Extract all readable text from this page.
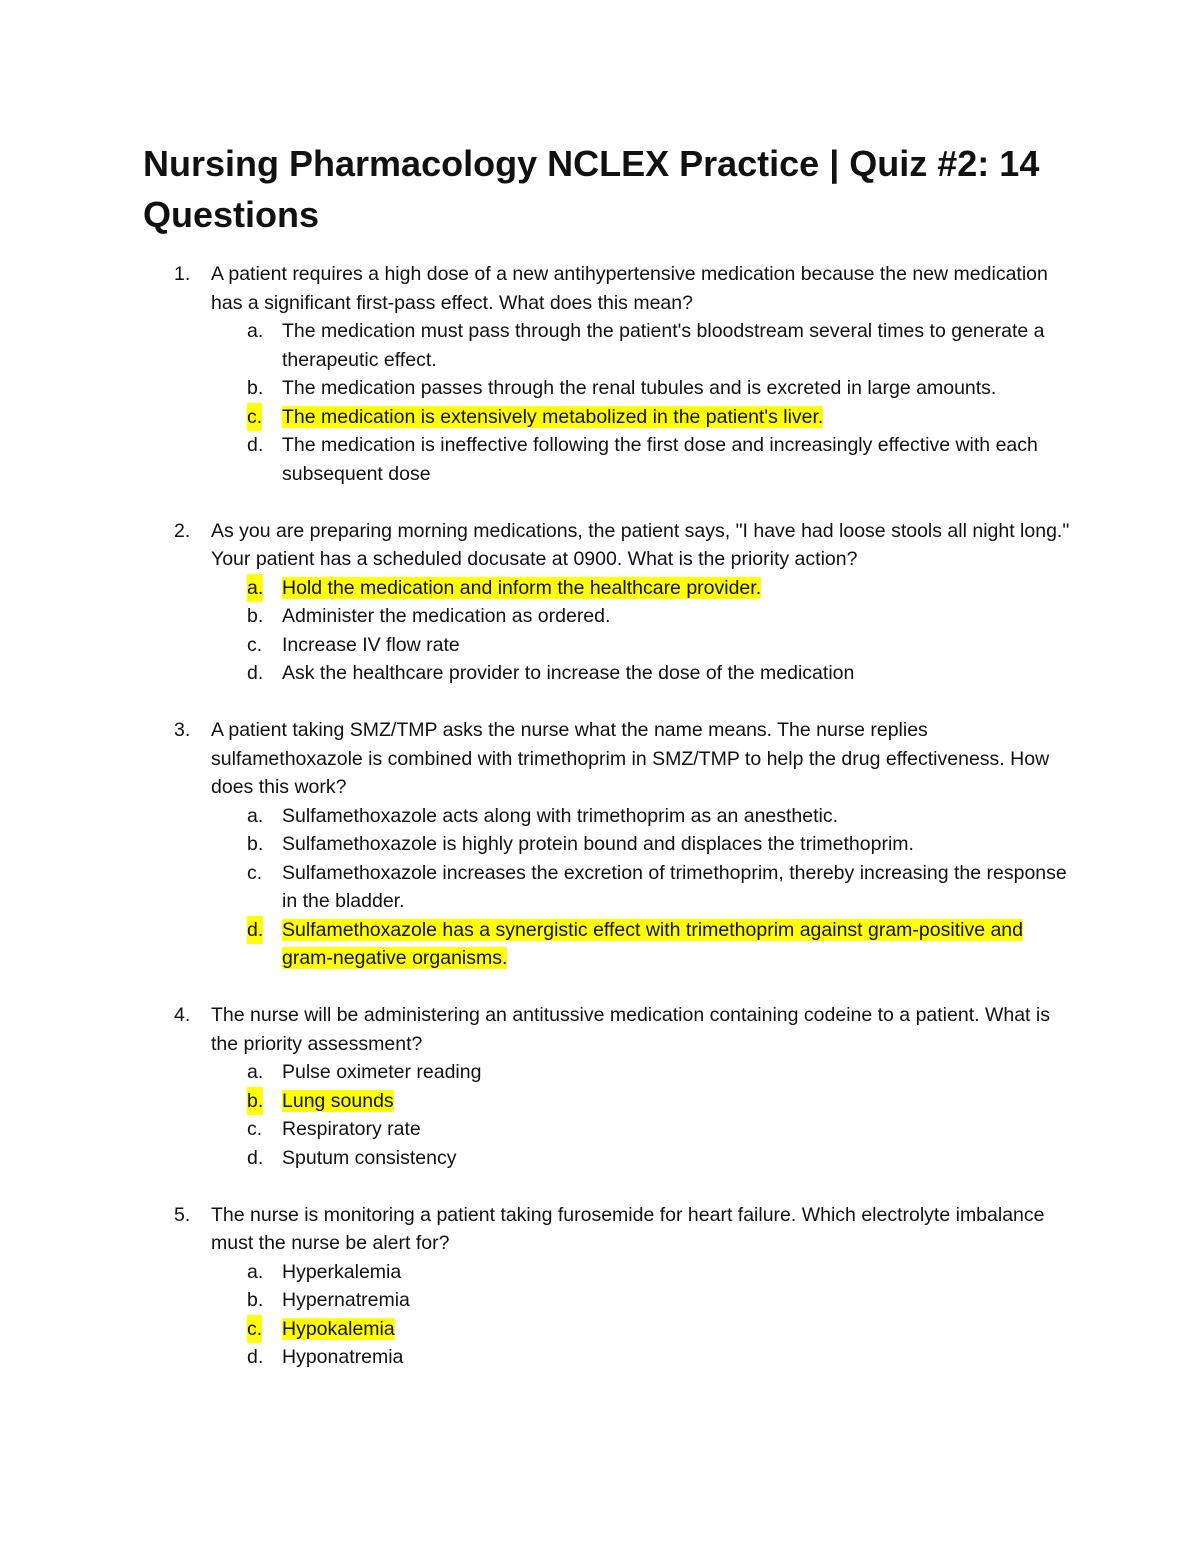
Nursing Pharmacology NCLEX Practice | Quiz #2: 14 Questions
1. A patient requires a high dose of a new antihypertensive medication because the new medication has a significant first-pass effect. What does this mean?
a. The medication must pass through the patient's bloodstream several times to generate a therapeutic effect.
b. The medication passes through the renal tubules and is excreted in large amounts.
c. The medication is extensively metabolized in the patient's liver.
d. The medication is ineffective following the first dose and increasingly effective with each subsequent dose
2. As you are preparing morning medications, the patient says, "I have had loose stools all night long." Your patient has a scheduled docusate at 0900. What is the priority action?
a. Hold the medication and inform the healthcare provider.
b. Administer the medication as ordered.
c. Increase IV flow rate
d. Ask the healthcare provider to increase the dose of the medication
3. A patient taking SMZ/TMP asks the nurse what the name means. The nurse replies sulfamethoxazole is combined with trimethoprim in SMZ/TMP to help the drug effectiveness. How does this work?
a. Sulfamethoxazole acts along with trimethoprim as an anesthetic.
b. Sulfamethoxazole is highly protein bound and displaces the trimethoprim.
c. Sulfamethoxazole increases the excretion of trimethoprim, thereby increasing the response in the bladder.
d. Sulfamethoxazole has a synergistic effect with trimethoprim against gram-positive and gram-negative organisms.
4. The nurse will be administering an antitussive medication containing codeine to a patient. What is the priority assessment?
a. Pulse oximeter reading
b. Lung sounds
c. Respiratory rate
d. Sputum consistency
5. The nurse is monitoring a patient taking furosemide for heart failure. Which electrolyte imbalance must the nurse be alert for?
a. Hyperkalemia
b. Hypernatremia
c. Hypokalemia
d. Hyponatremia
